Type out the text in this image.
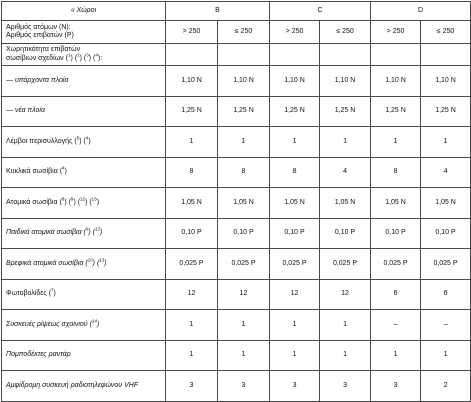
« Χώροι	B		C		D	

Αριθμός ατόμων (N):
Αριθμός επιβατών (P)	> 250	≤ 250	> 250	≤ 250	> 250	≤ 250

Χωρητικότητα επιβατών
σωσίβιων σχεδίων ($^1$) ($^2$) ($^3$) ($^4$):						

— υπάρχοντα πλοία	1,10 N	1,10 N	1,10 N	1,10 N	1,10 N	1,10 N
— νέα πλοία	1,25 N	1,25 N	1,25 N	1,25 N	1,25 N	1,25 N
Λέμβοι περισυλλογής ($^5$) ($^4$)	1	1	1	1	1	1
Κυκλικά σωσίβια ($^4$)	8	8	8	4	8	4
Ατομικά σωσίβια ($^8$) ($^9$) ($^{12}$) ($^{13}$)	1,05 N	1,05 N	1,05 N	1,05 N	1,05 N	1,05 N
Παιδικά ατομικά σωσίβια ($^9$) ($^{13}$)	0,10 P	0,10 P	0,10 P	0,10 P	0,10 P	0,10 P
Βρεφικά ατομικά σωσίβια ($^{10}$) ($^{13}$)	0,025 P	0,025 P	0,025 P	0,025 P	0,025 P	0,025 P
Φωτοβολίδες ($^7$)	12	12	12	12	6	6
Συσκευές ρίψεως σχοινιού ($^{14}$)	1	1	1	1	–	–
Πομποδέκτες ραντάρ	1	1	1	1	1	1
Αμφίδρομη συσκευή ραδιοτηλεφώνου VHF	3	3	3	3	3	2
